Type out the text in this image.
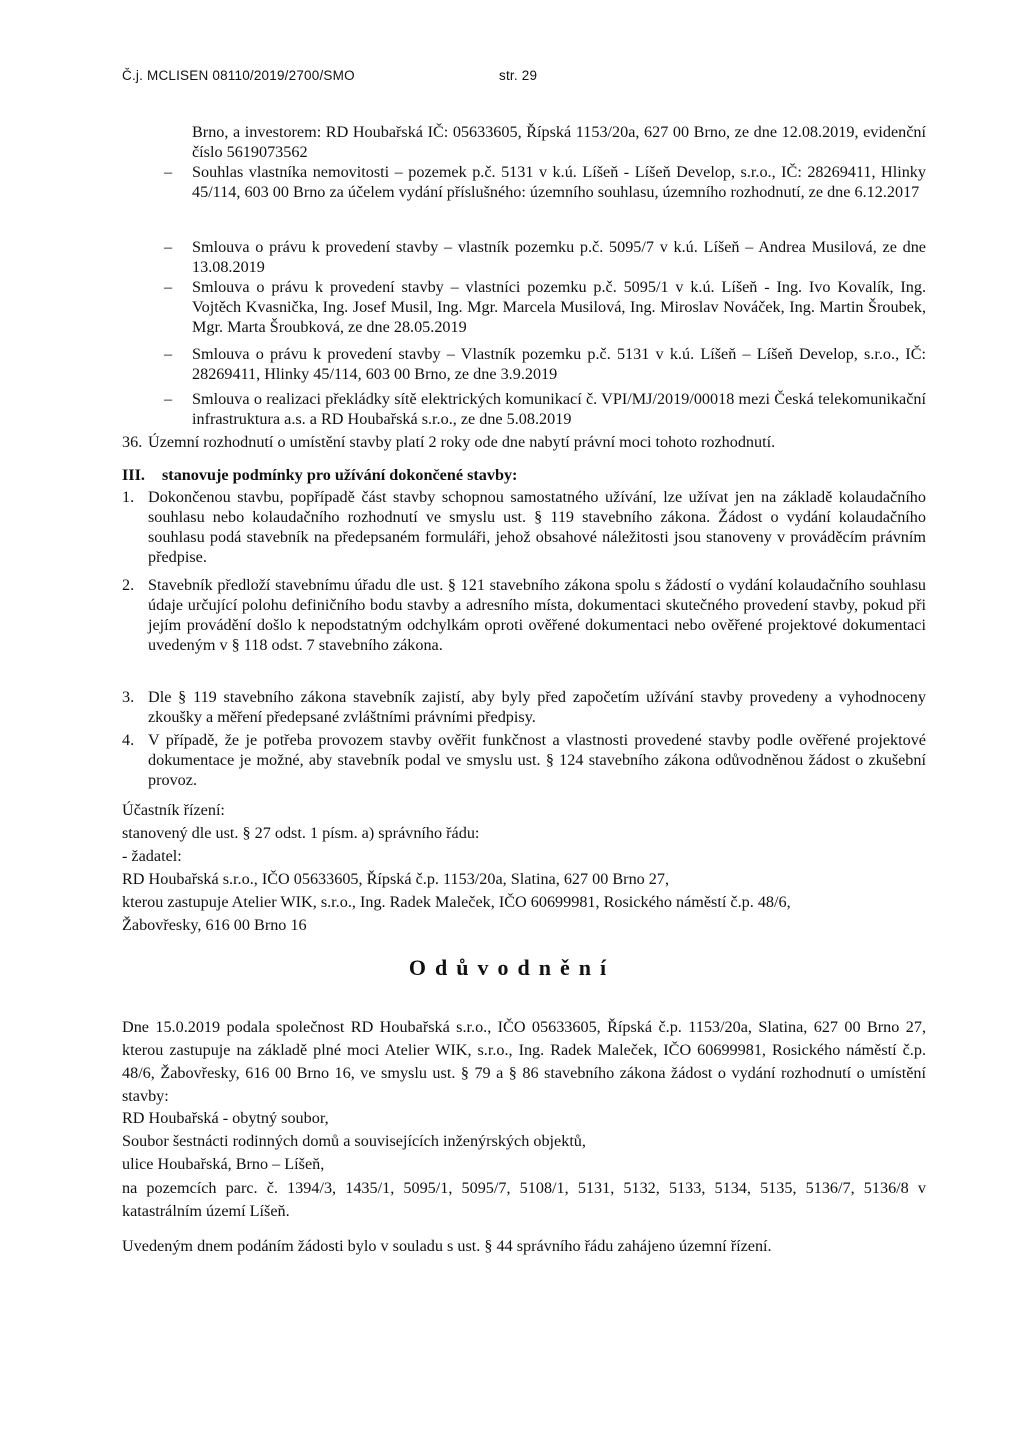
Č.j. MCLISEN 08110/2019/2700/SMO	str. 29

Brno, a investorem: RD Houbařská IČ: 05633605, Řípská 1153/20a, 627 00 Brno, ze dne 12.08.2019, evidenční číslo 5619073562

– Souhlas vlastníka nemovitosti – pozemek p.č. 5131 v k.ú. Líšeň - Líšeň Develop, s.r.o., IČ: 28269411, Hlinky 45/114, 603 00 Brno za účelem vydání příslušného: územního souhlasu, územního rozhodnutí, ze dne 6.12.2017

– Smlouva o právu k provedení stavby – vlastník pozemku p.č. 5095/7 v k.ú. Líšeň – Andrea Musilová, ze dne 13.08.2019

– Smlouva o právu k provedení stavby – vlastníci pozemku p.č. 5095/1 v k.ú. Líšeň - Ing. Ivo Kovalík, Ing. Vojtěch Kvasnička, Ing. Josef Musil, Ing. Mgr. Marcela Musilová, Ing. Miroslav Nováček, Ing. Martin Šroubek, Mgr. Marta Šroubková, ze dne 28.05.2019

– Smlouva o právu k provedení stavby – Vlastník pozemku p.č. 5131 v k.ú. Líšeň – Líšeň Develop, s.r.o., IČ: 28269411, Hlinky 45/114, 603 00 Brno, ze dne 3.9.2019

– Smlouva o realizaci překládky sítě elektrických komunikací č. VPI/MJ/2019/00018 mezi Česká telekomunikační infrastruktura a.s. a RD Houbařská s.r.o., ze dne 5.08.2019

36. Územní rozhodnutí o umístění stavby platí 2 roky ode dne nabytí právní moci tohoto rozhodnutí.

III. stanovuje podmínky pro užívání dokončené stavby:
1. Dokončenou stavbu, popřípadě část stavby schopnou samostatného užívání, lze užívat jen na základě kolaudačního souhlasu nebo kolaudačního rozhodnutí ve smyslu ust. § 119 stavebního zákona. Žádost o vydání kolaudačního souhlasu podá stavebník na předepsaném formuláři, jehož obsahové náležitosti jsou stanoveny v prováděcím právním předpise.

2. Stavebník předloží stavebnímu úřadu dle ust. § 121 stavebního zákona spolu s žádostí o vydání kolaudačního souhlasu údaje určující polohu definičního bodu stavby a adresního místa, dokumentaci skutečného provedení stavby, pokud při jejím provádění došlo k nepodstatným odchylkám oproti ověřené dokumentaci nebo ověřené projektové dokumentaci uvedeným v § 118 odst. 7 stavebního zákona.

3. Dle § 119 stavebního zákona stavebník zajistí, aby byly před započetím užívání stavby provedeny a vyhodnoceny zkoušky a měření předepsané zvláštními právními předpisy.

4. V případě, že je potřeba provozem stavby ověřit funkčnost a vlastnosti provedené stavby podle ověřené projektové dokumentace je možné, aby stavebník podal ve smyslu ust. § 124 stavebního zákona odůvodněnou žádost o zkušební provoz.

Účastník řízení:
stanovený dle ust. § 27 odst. 1 písm. a) správního řádu:
- žadatel:
RD Houbařská s.r.o., IČO 05633605, Řípská č.p. 1153/20a, Slatina, 627 00 Brno 27,
kterou zastupuje Atelier WIK, s.r.o., Ing. Radek Maleček, IČO 60699981, Rosického náměstí č.p. 48/6,
Žabovřesky, 616 00 Brno 16
Odůvodnění

Dne 15.0.2019 podala společnost RD Houbařská s.r.o., IČO 05633605, Řípská č.p. 1153/20a, Slatina, 627 00 Brno 27, kterou zastupuje na základě plné moci Atelier WIK, s.r.o., Ing. Radek Maleček, IČO 60699981, Rosického náměstí č.p. 48/6, Žabovřesky, 616 00 Brno 16, ve smyslu ust. § 79 a § 86 stavebního zákona žádost o vydání rozhodnutí o umístění stavby:

RD Houbařská - obytný soubor,
Soubor šestnácti rodinných domů a souvisejících inženýrských objektů,
ulice Houbařská, Brno – Líšeň,

na pozemcích parc. č. 1394/3, 1435/1, 5095/1, 5095/7, 5108/1, 5131, 5132, 5133, 5134, 5135, 5136/7, 5136/8 v katastrálním území Líšeň.

Uvedeným dnem podáním žádosti bylo v souladu s ust. § 44 správního řádu zahájeno územní řízení.
